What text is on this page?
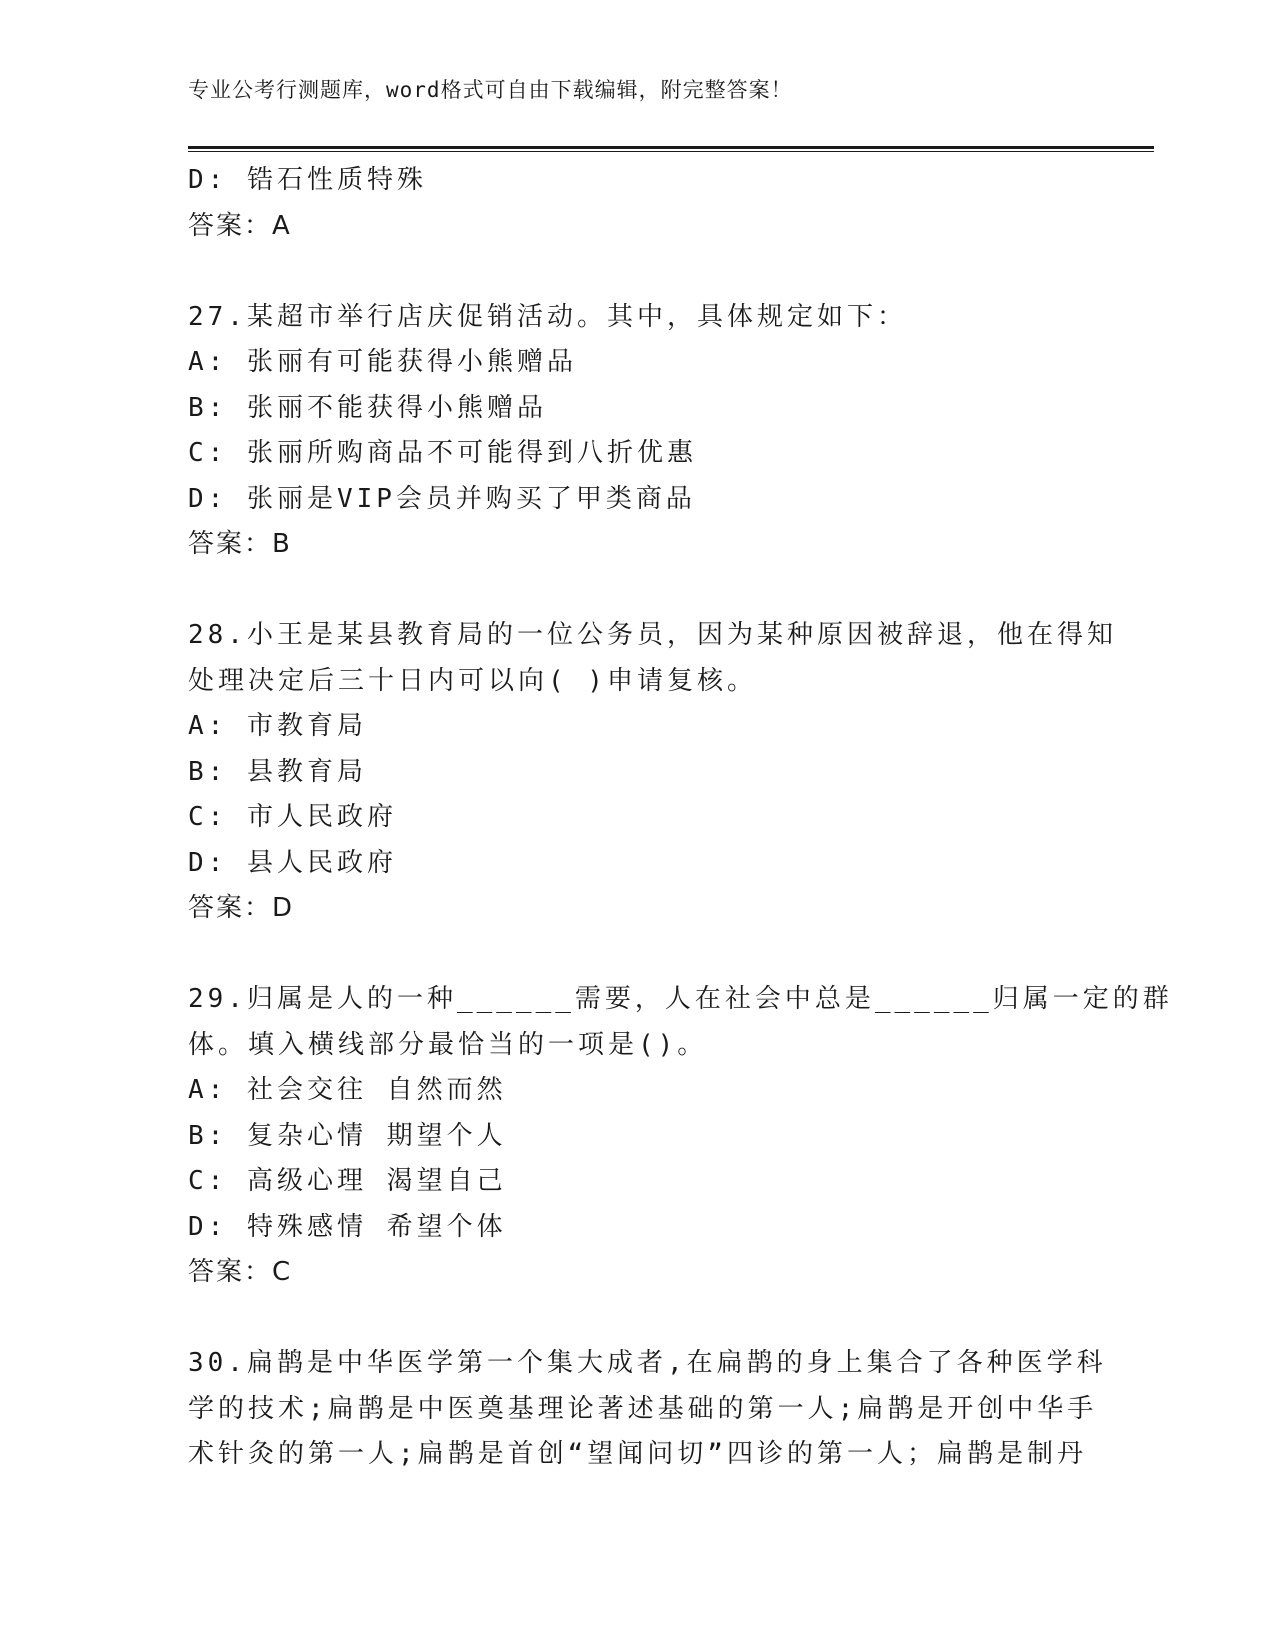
专业公考行测题库，word格式可自由下载编辑，附完整答案！
D: 锆石性质特殊
答案：A
27.某超市举行店庆促销活动。其中，具体规定如下：
A: 张丽有可能获得小熊赠品
B: 张丽不能获得小熊赠品
C: 张丽所购商品不可能得到八折优惠
D: 张丽是VIP会员并购买了甲类商品
答案：B
28.小王是某县教育局的一位公务员，因为某种原因被辞退，他在得知
处理决定后三十日内可以向( )申请复核。
A: 市教育局
B: 县教育局
C: 市人民政府
D: 县人民政府
答案：D
29.归属是人的一种______需要，人在社会中总是______归属一定的群
体。填入横线部分最恰当的一项是()。
A: 社会交往 自然而然
B: 复杂心情 期望个人
C: 高级心理 渴望自己
D: 特殊感情 希望个体
答案：C
30.扁鹊是中华医学第一个集大成者,在扁鹊的身上集合了各种医学科
学的技术;扁鹊是中医奠基理论著述基础的第一人;扁鹊是开创中华手
术针灸的第一人;扁鹊是首创“望闻问切”四诊的第一人；扁鹊是制丹
